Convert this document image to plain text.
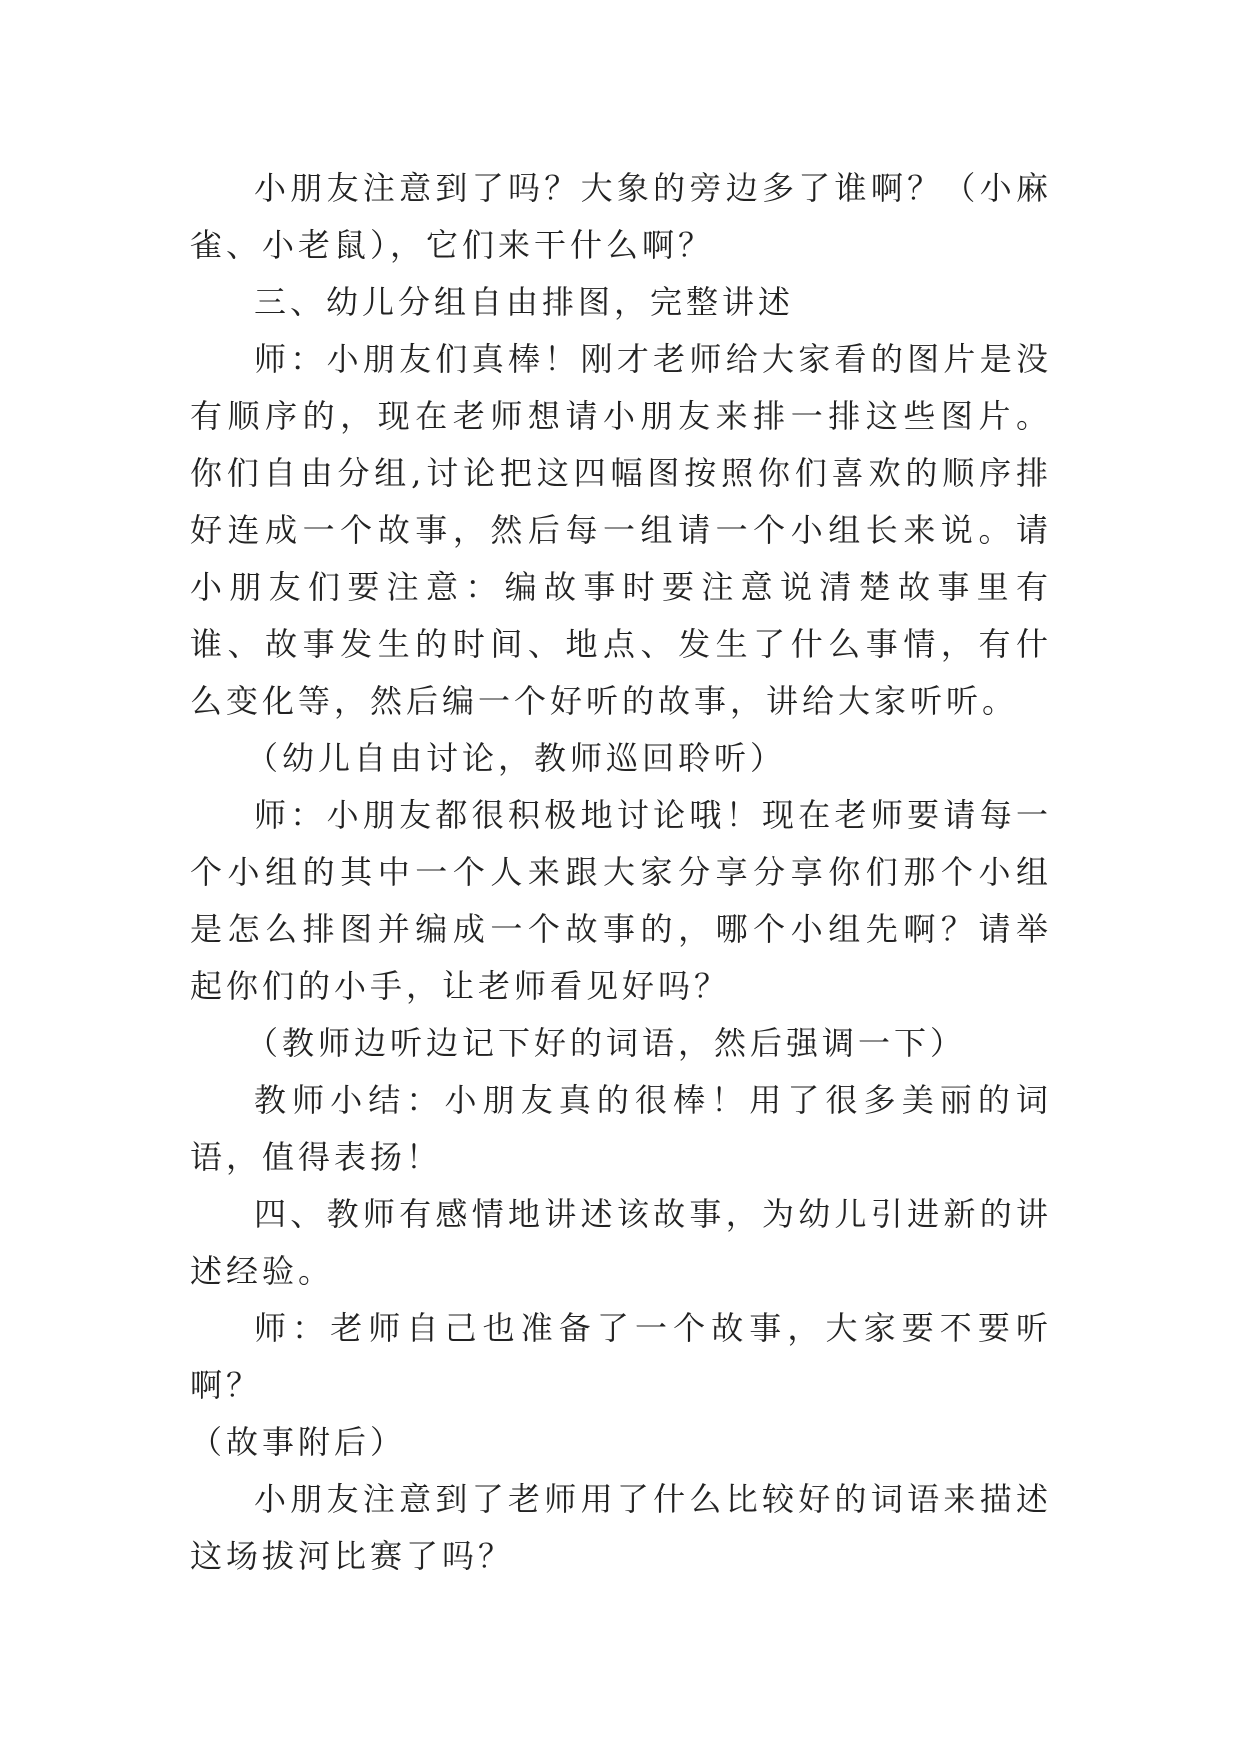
小朋友注意到了吗？大象的旁边多了谁啊？（小麻雀、小老鼠），它们来干什么啊？

三、幼儿分组自由排图，完整讲述

师：小朋友们真棒！刚才老师给大家看的图片是没有顺序的，现在老师想请小朋友来排一排这些图片。你们自由分组,讨论把这四幅图按照你们喜欢的顺序排好连成一个故事，然后每一组请一个小组长来说。请小朋友们要注意：编故事时要注意说清楚故事里有谁、故事发生的时间、地点、发生了什么事情，有什么变化等，然后编一个好听的故事，讲给大家听听。

（幼儿自由讨论，教师巡回聆听）

师：小朋友都很积极地讨论哦！现在老师要请每一个小组的其中一个人来跟大家分享分享你们那个小组是怎么排图并编成一个故事的，哪个小组先啊？请举起你们的小手，让老师看见好吗？

（教师边听边记下好的词语，然后强调一下）

教师小结：小朋友真的很棒！用了很多美丽的词语，值得表扬！

四、教师有感情地讲述该故事，为幼儿引进新的讲述经验。

师：老师自己也准备了一个故事，大家要不要听啊？

（故事附后）

小朋友注意到了老师用了什么比较好的词语来描述这场拔河比赛了吗？
